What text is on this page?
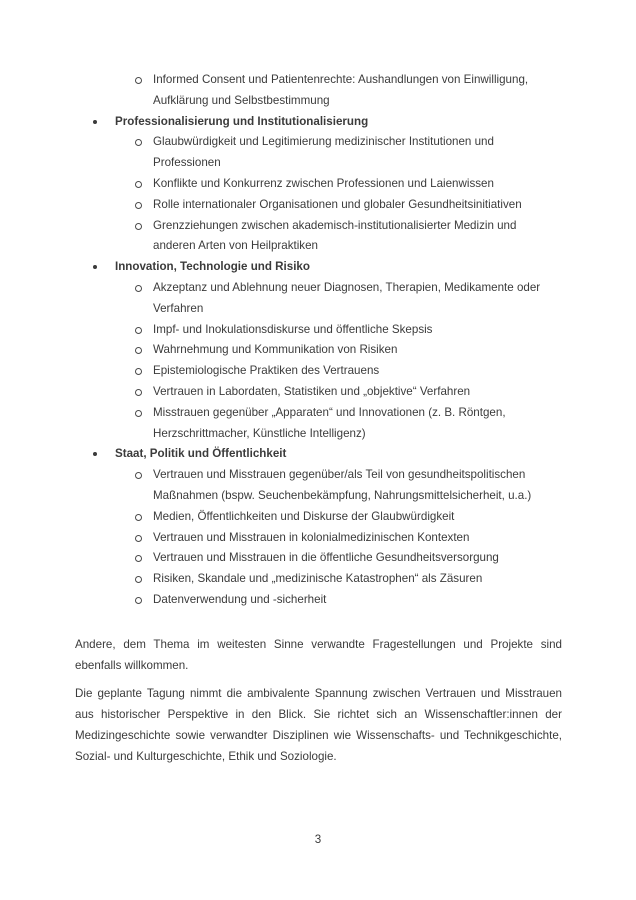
Informed Consent und Patientenrechte: Aushandlungen von Einwilligung, Aufklärung und Selbstbestimmung
Professionalisierung und Institutionalisierung
Glaubwürdigkeit und Legitimierung medizinischer Institutionen und Professionen
Konflikte und Konkurrenz zwischen Professionen und Laienwissen
Rolle internationaler Organisationen und globaler Gesundheitsinitiativen
Grenzziehungen zwischen akademisch-institutionalisierter Medizin und anderen Arten von Heilpraktiken
Innovation, Technologie und Risiko
Akzeptanz und Ablehnung neuer Diagnosen, Therapien, Medikamente oder Verfahren
Impf- und Inokulationsdiskurse und öffentliche Skepsis
Wahrnehmung und Kommunikation von Risiken
Epistemiologische Praktiken des Vertrauens
Vertrauen in Labordaten, Statistiken und „objektive“ Verfahren
Misstrauen gegenüber „Apparaten“ und Innovationen (z. B. Röntgen, Herzschrittmacher, Künstliche Intelligenz)
Staat, Politik und Öffentlichkeit
Vertrauen und Misstrauen gegenüber/als Teil von gesundheitspolitischen Maßnahmen (bspw. Seuchenbekämpfung, Nahrungsmittelsicherheit, u.a.)
Medien, Öffentlichkeiten und Diskurse der Glaubwürdigkeit
Vertrauen und Misstrauen in kolonialmedizinischen Kontexten
Vertrauen und Misstrauen in die öffentliche Gesundheitsversorgung
Risiken, Skandale und „medizinische Katastrophen“ als Zäsuren
Datenverwendung und -sicherheit
Andere, dem Thema im weitesten Sinne verwandte Fragestellungen und Projekte sind ebenfalls willkommen.
Die geplante Tagung nimmt die ambivalente Spannung zwischen Vertrauen und Misstrauen aus historischer Perspektive in den Blick. Sie richtet sich an Wissenschaftler:innen der Medizingeschichte sowie verwandter Disziplinen wie Wissenschafts- und Technikgeschichte, Sozial- und Kulturgeschichte, Ethik und Soziologie.
3
